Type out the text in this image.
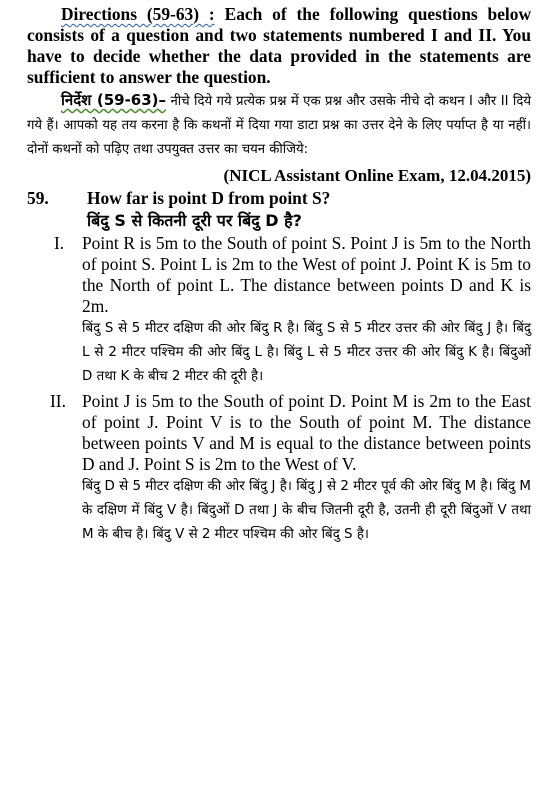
Directions (59-63) : Each of the following questions below consists of a question and two statements numbered I and II. You have to decide whether the data provided in the statements are sufficient to answer the question.

निर्देश (59-63)– नीचे दिये गये प्रत्येक प्रश्न में एक प्रश्न और उसके नीचे दो कथन I और II दिये गये हैं। आपको यह तय करना है कि कथनों में दिया गया डाटा प्रश्न का उत्तर देने के लिए पर्याप्त है या नहीं। दोनों कथनों को पढ़िए तथा उपयुक्त उत्तर का चयन कीजिये:

(NICL Assistant Online Exam, 12.04.2015)

59.	How far is point D from point S?

बिंदु S से कितनी दूरी पर बिंदु D है?

I.	Point R is 5m to the South of point S. Point J is 5m to the North of point S. Point L is 2m to the West of point J. Point K is 5m to the North of point L. The distance between points D and K is 2m.

बिंदु S से 5 मीटर दक्षिण की ओर बिंदु R है। बिंदु S से 5 मीटर उत्तर की ओर बिंदु J है। बिंदु L से 2 मीटर पश्चिम की ओर बिंदु L है। बिंदु L से 5 मीटर उत्तर की ओर बिंदु K है। बिंदुओं D तथा K के बीच 2 मीटर की दूरी है।

II. Point J is 5m to the South of point D. Point M is 2m to the East of point J. Point V is to the South of point M. The distance between points V and M is equal to the distance between points D and J. Point S is 2m to the West of V.

बिंदु D से 5 मीटर दक्षिण की ओर बिंदु J है। बिंदु J से 2 मीटर पूर्व की ओर बिंदु M है। बिंदु M के दक्षिण में बिंदु V है। बिंदुओं D तथा J के बीच जितनी दूरी है, उतनी ही दूरी बिंदुओं V तथा M के बीच है। बिंदु V से 2 मीटर पश्चिम की ओर बिंदु S है।
